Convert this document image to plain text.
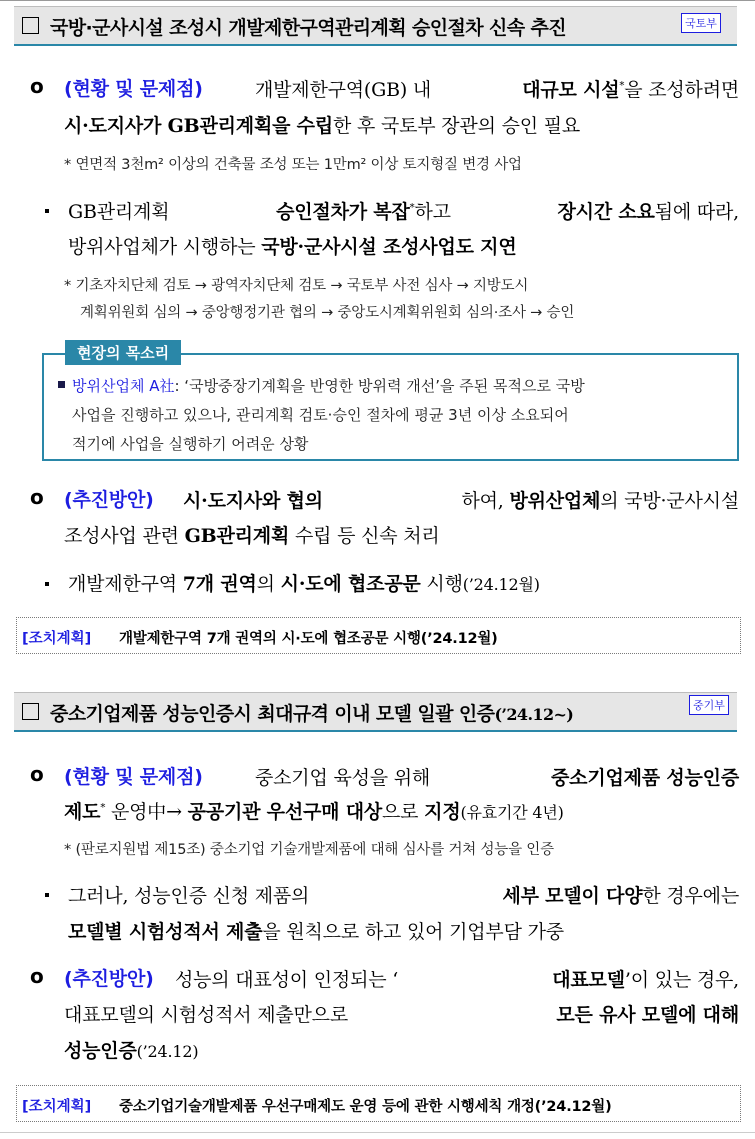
국방·군사시설 조성시 개발제한구역관리계획 승인절차 신속 추진	국토부
o (현황 및 문제점)	개발제한구역(GB) 내	대규모 시설*을 조성하려면
시·도지사가 GB관리계획을 수립한 후 국토부 장관의 승인 필요
* 연면적 3천m² 이상의 건축물 조성 또는 1만m² 이상 토지형질 변경 사업
GB관리계획	승인절차가 복잡*하고	장시간 소요됨에 따라,
방위사업체가 시행하는 국방·군사시설 조성사업도 지연
* 기초자치단체 검토 → 광역자치단체 검토 → 국토부 사전 심사 → 지방도시
계획위원회 심의 → 중앙행정기관 협의 → 중앙도시계획위원회 심의·조사 → 승인
현장의 목소리
방위산업체 A社: ‘국방중장기계획을 반영한 방위력 개선’을 주된 목적으로 국방
사업을 진행하고 있으나, 관리계획 검토·승인 절차에 평균 3년 이상 소요되어
적기에 사업을 실행하기 어려운 상황
o (추진방안) 시·도지사와 협의	하여, 방위산업체의 국방·군사시설
조성사업 관련 GB관리계획 수립 등 신속 처리
개발제한구역 7개 권역의 시·도에 협조공문 시행(’24.12월)
[조치계획] 개발제한구역 7개 권역의 시·도에 협조공문 시행(’24.12월)
중소기업제품 성능인증시 최대규격 이내 모델 일괄 인증(’24.12~)	중기부
o (현황 및 문제점)	중소기업 육성을 위해	중소기업제품 성능인증
제도* 운영中→ 공공기관 우선구매 대상으로 지정(유효기간 4년)
* (판로지원법 제15조) 중소기업 기술개발제품에 대해 심사를 거쳐 성능을 인증
그러나, 성능인증 신청 제품의	세부 모델이 다양한 경우에는
모델별 시험성적서 제출을 원칙으로 하고 있어 기업부담 가중
o (추진방안) 성능의 대표성이 인정되는 ‘	대표모델’이 있는 경우,
대표모델의 시험성적서 제출만으로	모든 유사 모델에 대해
성능인증(’24.12)
[조치계획] 중소기업기술개발제품 우선구매제도 운영 등에 관한 시행세칙 개정(’24.12월)
